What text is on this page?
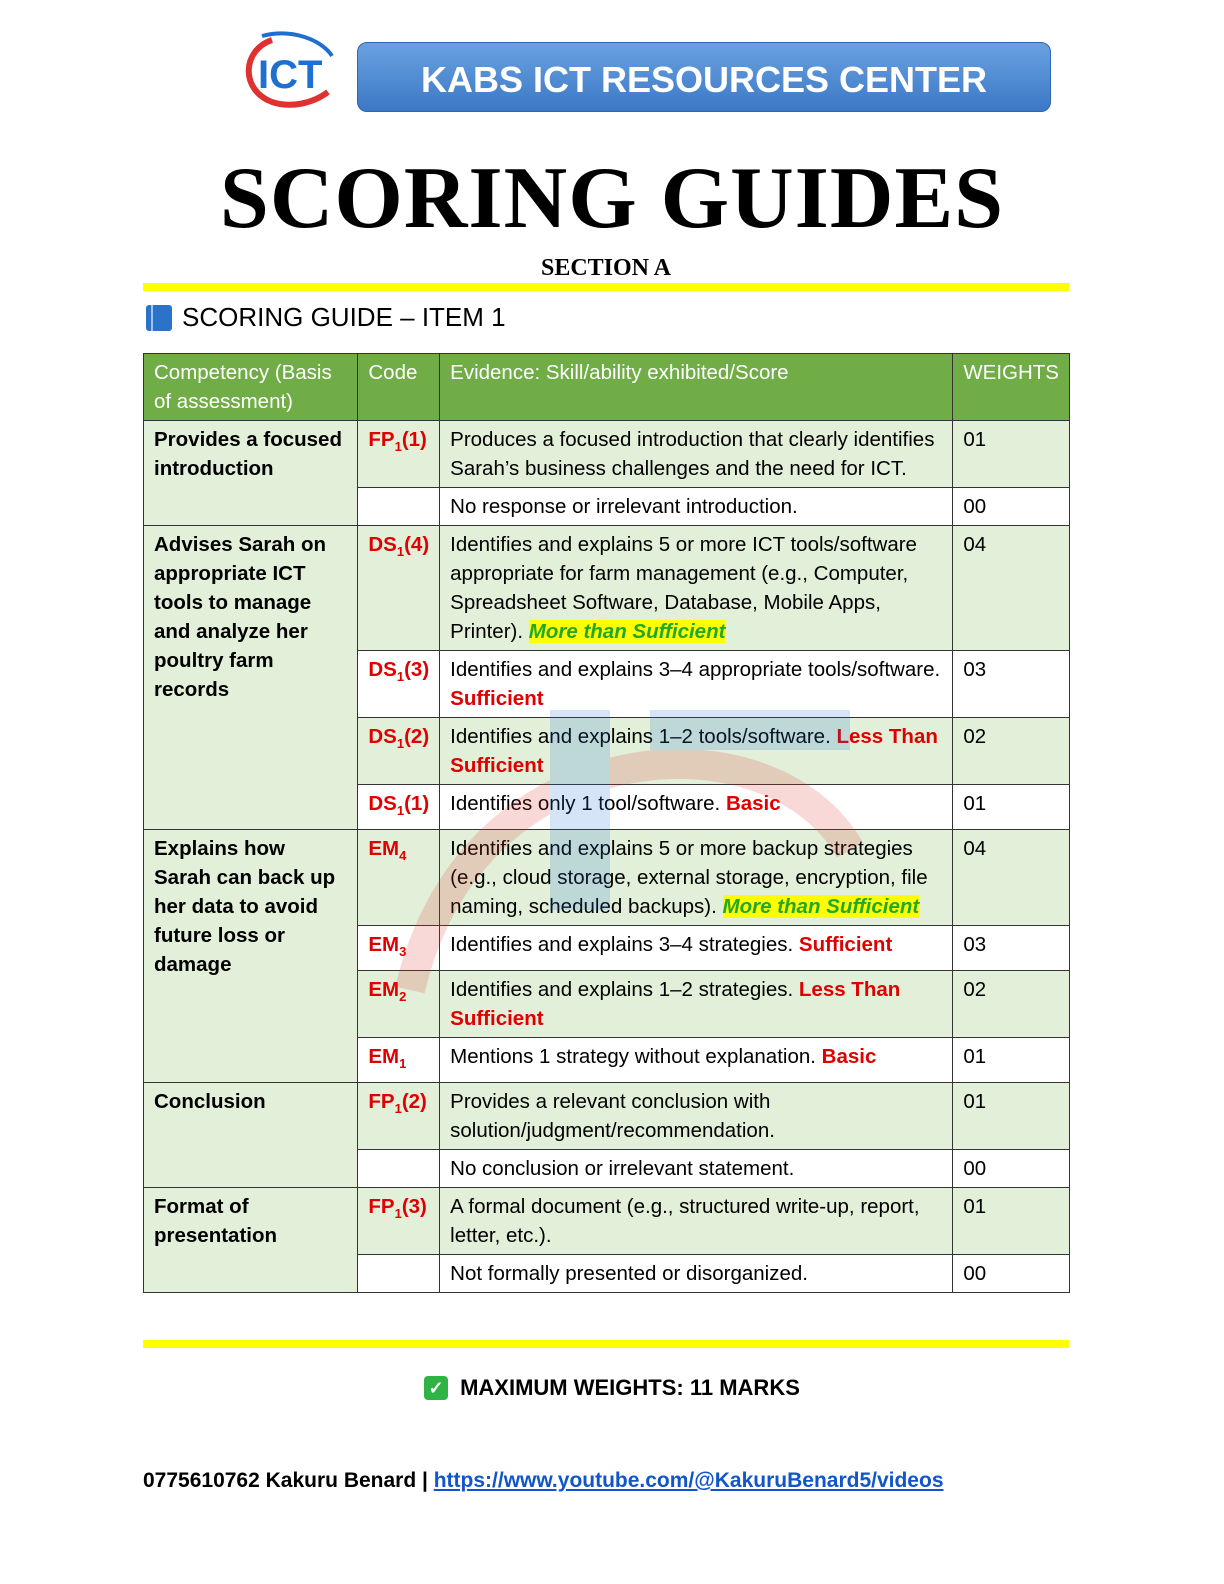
ICT	KABS ICT RESOURCES CENTER
SCORING GUIDES
SECTION A
SCORING GUIDE – ITEM 1
Competency (Basis of assessment)	Code	Evidence: Skill/ability exhibited/Score	WEIGHTS
Provides a focused introduction	$FP_1(1)$	Produces a focused introduction that clearly identifies Sarah’s business challenges and the need for ICT.	01
		No response or irrelevant introduction.	00
Advises Sarah on appropriate ICT tools to manage and analyze her poultry farm records	$DS_1(4)$	Identifies and explains 5 or more ICT tools/software appropriate for farm management (e.g., Computer, Spreadsheet Software, Database, Mobile Apps, Printer). More than Sufficient	04
	$DS_1(3)$	Identifies and explains 3–4 appropriate tools/software. Sufficient	03
	$DS_1(2)$	Identifies and explains 1–2 tools/software. Less Than Sufficient	02
	$DS_1(1)$	Identifies only 1 tool/software. Basic	01
Explains how Sarah can back up her data to avoid future loss or damage	$EM_4$	Identifies and explains 5 or more backup strategies (e.g., cloud storage, external storage, encryption, file naming, scheduled backups). More than Sufficient	04
	$EM_3$	Identifies and explains 3–4 strategies. Sufficient	03
	$EM_2$	Identifies and explains 1–2 strategies. Less Than Sufficient	02
	$EM_1$	Mentions 1 strategy without explanation. Basic	01
Conclusion	$FP_1(2)$	Provides a relevant conclusion with solution/judgment/recommendation.	01
		No conclusion or irrelevant statement.	00
Format of presentation	$FP_1(3)$	A formal document (e.g., structured write-up, report, letter, etc.).	01
		Not formally presented or disorganized.	00
✓ MAXIMUM WEIGHTS: 11 MARKS
0775610762 Kakuru Benard | https://www.youtube.com/@KakuruBenard5/videos
